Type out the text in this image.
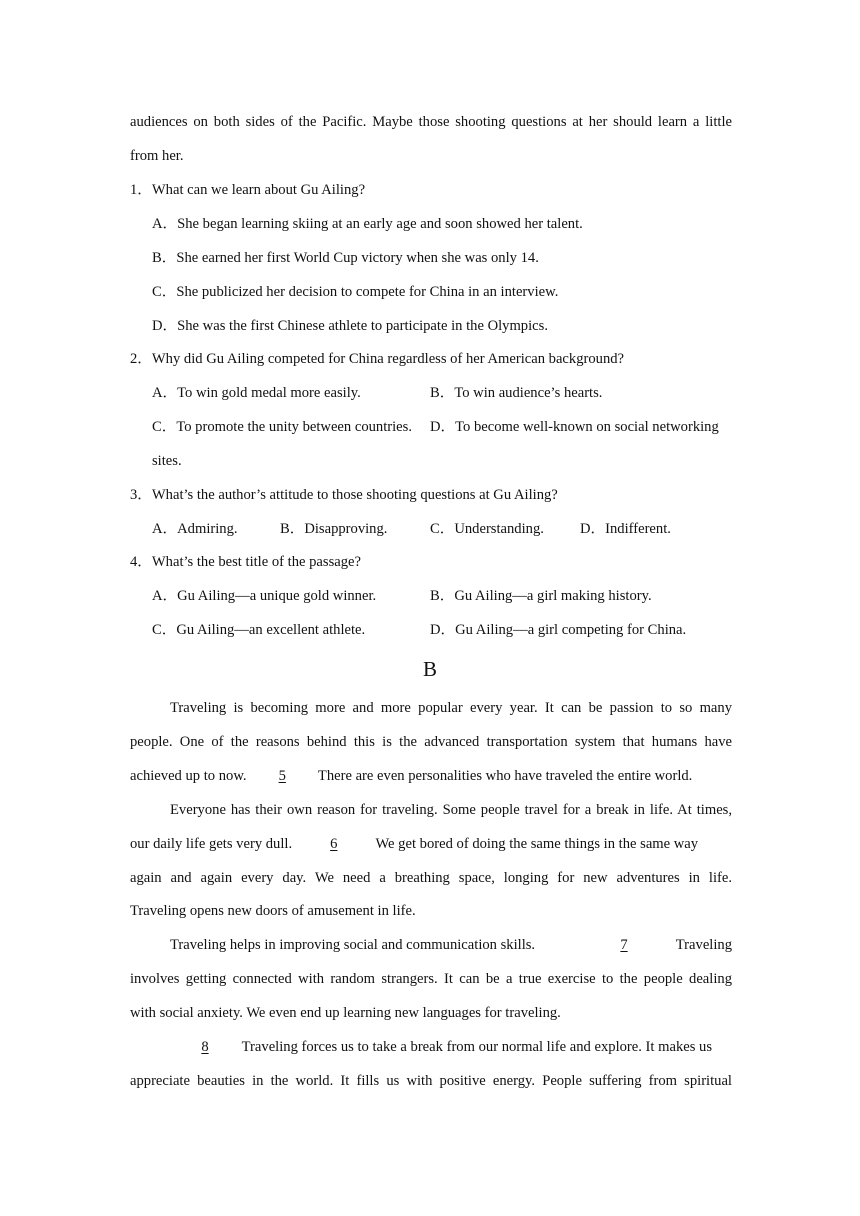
audiences on both sides of the Pacific. Maybe those shooting questions at her should learn a little
from her.
1．What can we learn about Gu Ailing?
A．She began learning skiing at an early age and soon showed her talent.
B．She earned her first World Cup victory when she was only 14.
C．She publicized her decision to compete for China in an interview.
D．She was the first Chinese athlete to participate in the Olympics.
2．Why did Gu Ailing competed for China regardless of her American background?
A．To win gold medal more easily.	B．To win audience’s hearts.
C．To promote the unity between countries.	D．To become well-known on social networking
sites.
3．What’s the author’s attitude to those shooting questions at Gu Ailing?
A．Admiring.	B．Disapproving.	C．Understanding.	D．Indifferent.
4．What’s the best title of the passage?
A．Gu Ailing—a unique gold winner.	B．Gu Ailing—a girl making history.
C．Gu Ailing—an excellent athlete.	D．Gu Ailing—a girl competing for China.
B
Traveling is becoming more and more popular every year. It can be passion to so many
people. One of the reasons behind this is the advanced transportation system that humans have
achieved up to now. 5 There are even personalities who have traveled the entire world.
Everyone has their own reason for traveling. Some people travel for a break in life. At times,
our daily life gets very dull.	6	We get bored of doing the same things in the same way
again and again every day. We need a breathing space, longing for new adventures in life.
Traveling opens new doors of amusement in life.
Traveling helps in improving social and communication skills.	7	Traveling
involves getting connected with random strangers. It can be a true exercise to the people dealing
with social anxiety. We even end up learning new languages for traveling.
8 Traveling forces us to take a break from our normal life and explore. It makes us
appreciate beauties in the world. It fills us with positive energy. People suffering from spiritual
